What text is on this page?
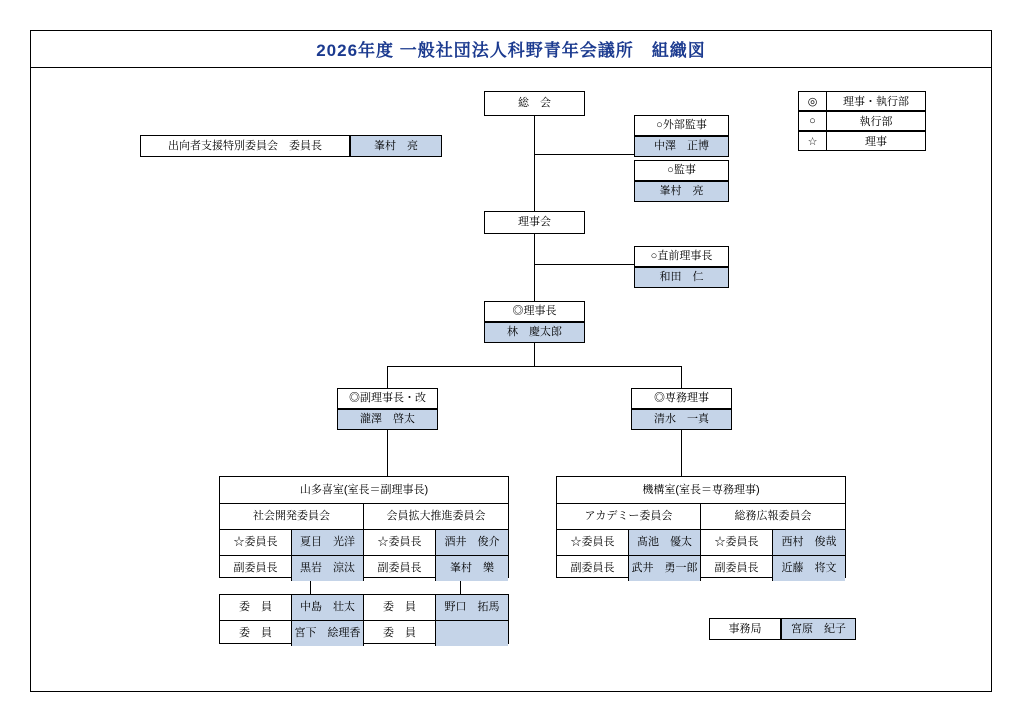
2026年度 一般社団法人科野青年会議所　組織図
◎	理事・執行部
○	執行部
☆	理事
出向者支援特別委員会　委員長	峯村　亮
総　会
○外部監事
中澤　正博
○監事
峯村　亮
理事会
○直前理事長
和田　仁
◎理事長
林　慶太郎
◎副理事長・改
瀧澤　啓太
◎専務理事
清水　一真
山多喜室(室長＝副理事長)
社会開発委員会	会員拡大推進委員会
☆委員長	夏目　光洋	☆委員長	酒井　俊介
副委員長	黒岩　涼汰	副委員長	峯村　樂
委　員	中島　壮太	委　員	野口　拓馬
委　員	宮下　絵理香	委　員
機構室(室長＝専務理事)
アカデミー委員会	総務広報委員会
☆委員長	髙池　優太	☆委員長	西村　俊哉
副委員長	武井　勇一郎	副委員長	近藤　将文
事務局	宮原　紀子
